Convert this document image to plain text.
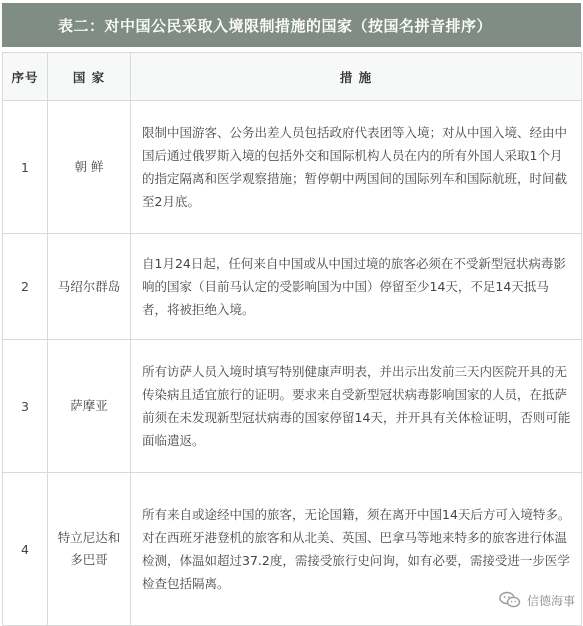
表二：对中国公民采取入境限制措施的国家（按国名拼音排序）
序号	国 家	措 施
1	朝 鲜	限制中国游客、公务出差人员包括政府代表团等入境；对从中国入境、经由中国后通过俄罗斯入境的包括外交和国际机构人员在内的所有外国人采取1个月的指定隔离和医学观察措施；暂停朝中两国间的国际列车和国际航班，时间截至2月底。

2	马绍尔群岛	自1月24日起，任何来自中国或从中国过境的旅客必须在不受新型冠状病毒影响的国家（目前马认定的受影响国为中国）停留至少14天，不足14天抵马者，将被拒绝入境。

3	萨摩亚	所有访萨人员入境时填写特别健康声明表，并出示出发前三天内医院开具的无传染病且适宜旅行的证明。要求来自受新型冠状病毒影响国家的人员，在抵萨前须在未发现新型冠状病毒的国家停留14天，并开具有关体检证明，否则可能面临遣返。

4	特立尼达和多巴哥	所有来自或途经中国的旅客，无论国籍，须在离开中国14天后方可入境特多。

对在西班牙港登机的旅客和从北美、英国、巴拿马等地来特多的旅客进行体温检测，体温如超过37.2度，需接受旅行史问询，如有必要，需接受进一步医学检查包括隔离。

信德海事
